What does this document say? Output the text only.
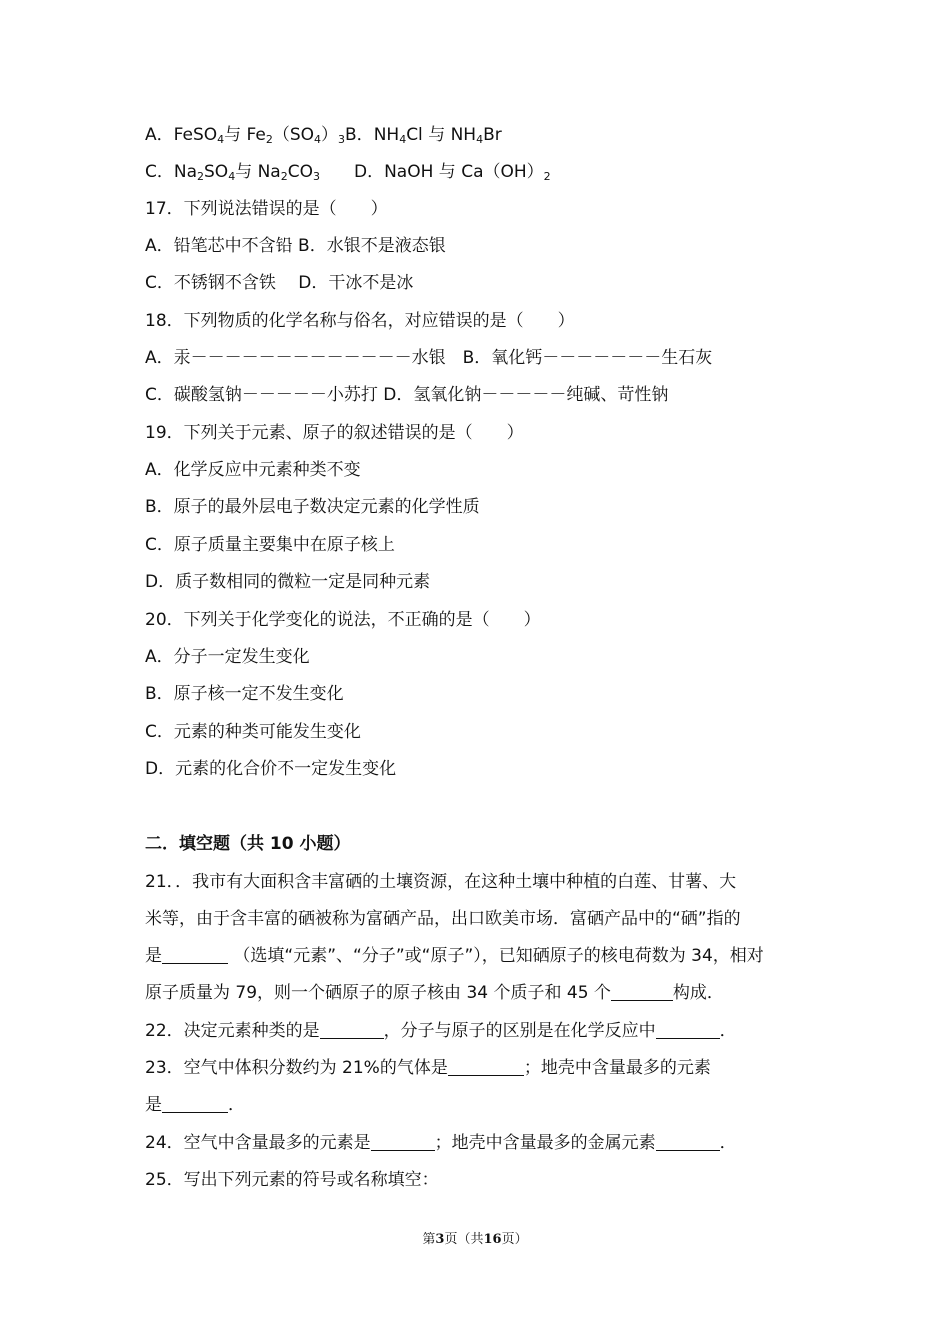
A．FeSO$_4$与 $Fe_2(SO_4)_3B$．$NH_4Cl$ 与 $NH_4Br$
C．$Na_2SO_4$与 $Na_2CO_3$　　 D．NaOH 与 $Ca(OH)_2$
17．下列说法错误的是（　　）
A．铅笔芯中不含铅 B．水银不是液态银
C．不锈钢不含铁　 D．干冰不是冰
18．下列物质的化学名称与俗名，对应错误的是（　　）
A．汞－－－－－－－－－－－－－水银　B．氧化钙－－－－－－－生石灰
C．碳酸氢钠－－－－－小苏打 D．氢氧化钠－－－－－纯碱、苛性钠
19．下列关于元素、原子的叙述错误的是（　　）
A．化学反应中元素种类不变
B．原子的最外层电子数决定元素的化学性质
C．原子质量主要集中在原子核上
D．质子数相同的微粒一定是同种元素
20．下列关于化学变化的说法，不正确的是（　　）
A．分子一定发生变化
B．原子核一定不发生变化
C．元素的种类可能发生变化
D．元素的化合价不一定发生变化
二．填空题（共 10 小题）
21．．我市有大面积含丰富硒的土壤资源，在这种土壤中种植的白莲、甘薯、大
米等，由于含丰富的硒被称为富硒产品，出口欧美市场．富硒产品中的“硒”指的
是	（选填“元素”、“分子”或“原子”），已知硒原子的核电荷数为 34，相对
原子质量为 79，则一个硒原子的原子核由 34 个质子和 45 个	构成．
22．决定元素种类的是	，分子与原子的区别是在化学反应中	．
23．空气中体积分数约为 21%的气体是	；地壳中含量最多的元素
是	．
24．空气中含量最多的元素是	；地壳中含量最多的金属元素	．
25．写出下列元素的符号或名称填空：
第3页（共16页）
